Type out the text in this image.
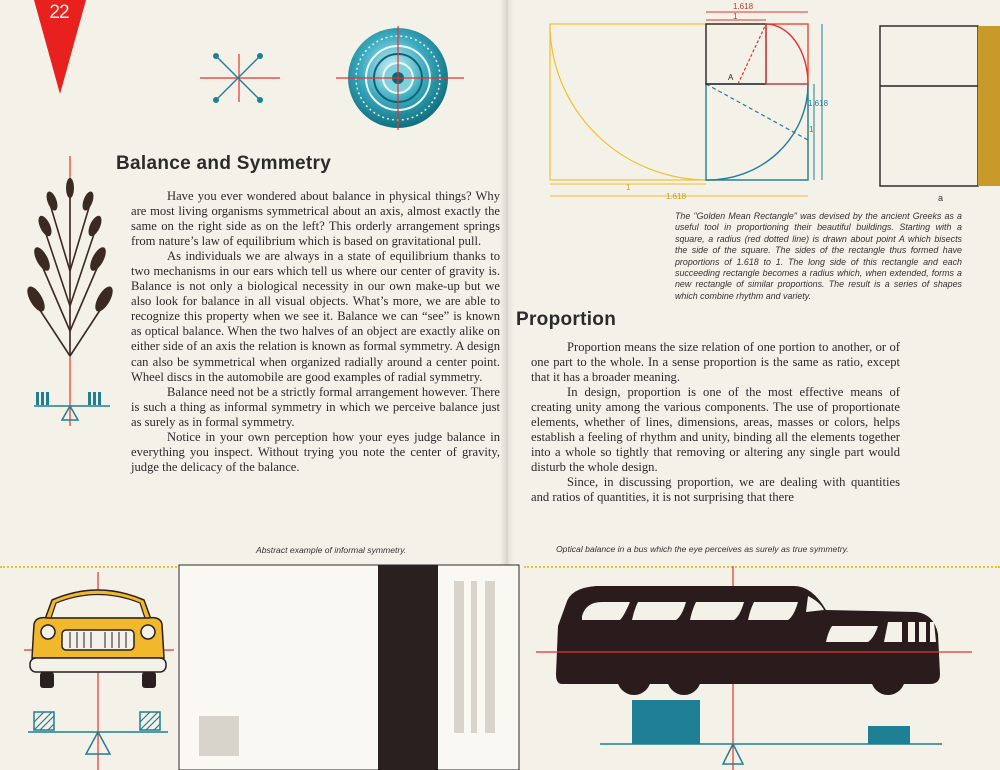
22
Balance and Symmetry

Have you ever wondered about balance in physical things? Why are most living organisms symmetrical about an axis, almost exactly the same on the right side as on the left? This orderly arrangement springs from nature’s law of equilibrium which is based on gravitational pull.

As individuals we are always in a state of equilibrium thanks to two mechanisms in our ears which tell us where our center of gravity is. Balance is not only a biological necessity in our own make-up but we also look for balance in all visual objects. What’s more, we are able to recognize this property when we see it. Balance we can “see” is known as optical balance. When the two halves of an object are exactly alike on either side of an axis the relation is known as formal symmetry. A design can also be symmetrical when organized radially around a center point. Wheel discs in the automobile are good examples of radial symmetry.

Balance need not be a strictly formal arrangement however. There is such a thing as informal symmetry in which we perceive balance just as surely as in formal symmetry.

Notice in your own perception how your eyes judge balance in everything you inspect. Without trying you note the center of gravity, judge the delicacy of the balance.

Abstract example of informal symmetry.
1
1.618
A
1.618
1
1.618
1
a
The "Golden Mean Rectangle" was devised by the ancient Greeks as a useful tool in proportioning their beautiful buildings. Starting with a square, a radius (red dotted line) is drawn about point A which bisects the side of the square. The sides of the rectangle thus formed have proportions of 1.618 to 1. The long side of this rectangle and each succeeding rectangle becomes a radius which, when extended, forms a new rectangle of similar proportions. The result is a series of shapes which combine rhythm and variety.
Proportion

Proportion means the size relation of one portion to another, or of one part to the whole. In a sense proportion is the same as ratio, except that it has a broader meaning.

In design, proportion is one of the most effective means of creating unity among the various components. The use of proportionate elements, whether of lines, dimensions, areas, masses or colors, helps establish a feeling of rhythm and unity, binding all the elements together into a whole so tightly that removing or altering any single part would disturb the whole design.

Since, in discussing proportion, we are dealing with quantities and ratios of quantities, it is not surprising that there

Optical balance in a bus which the eye perceives as surely as true symmetry.
